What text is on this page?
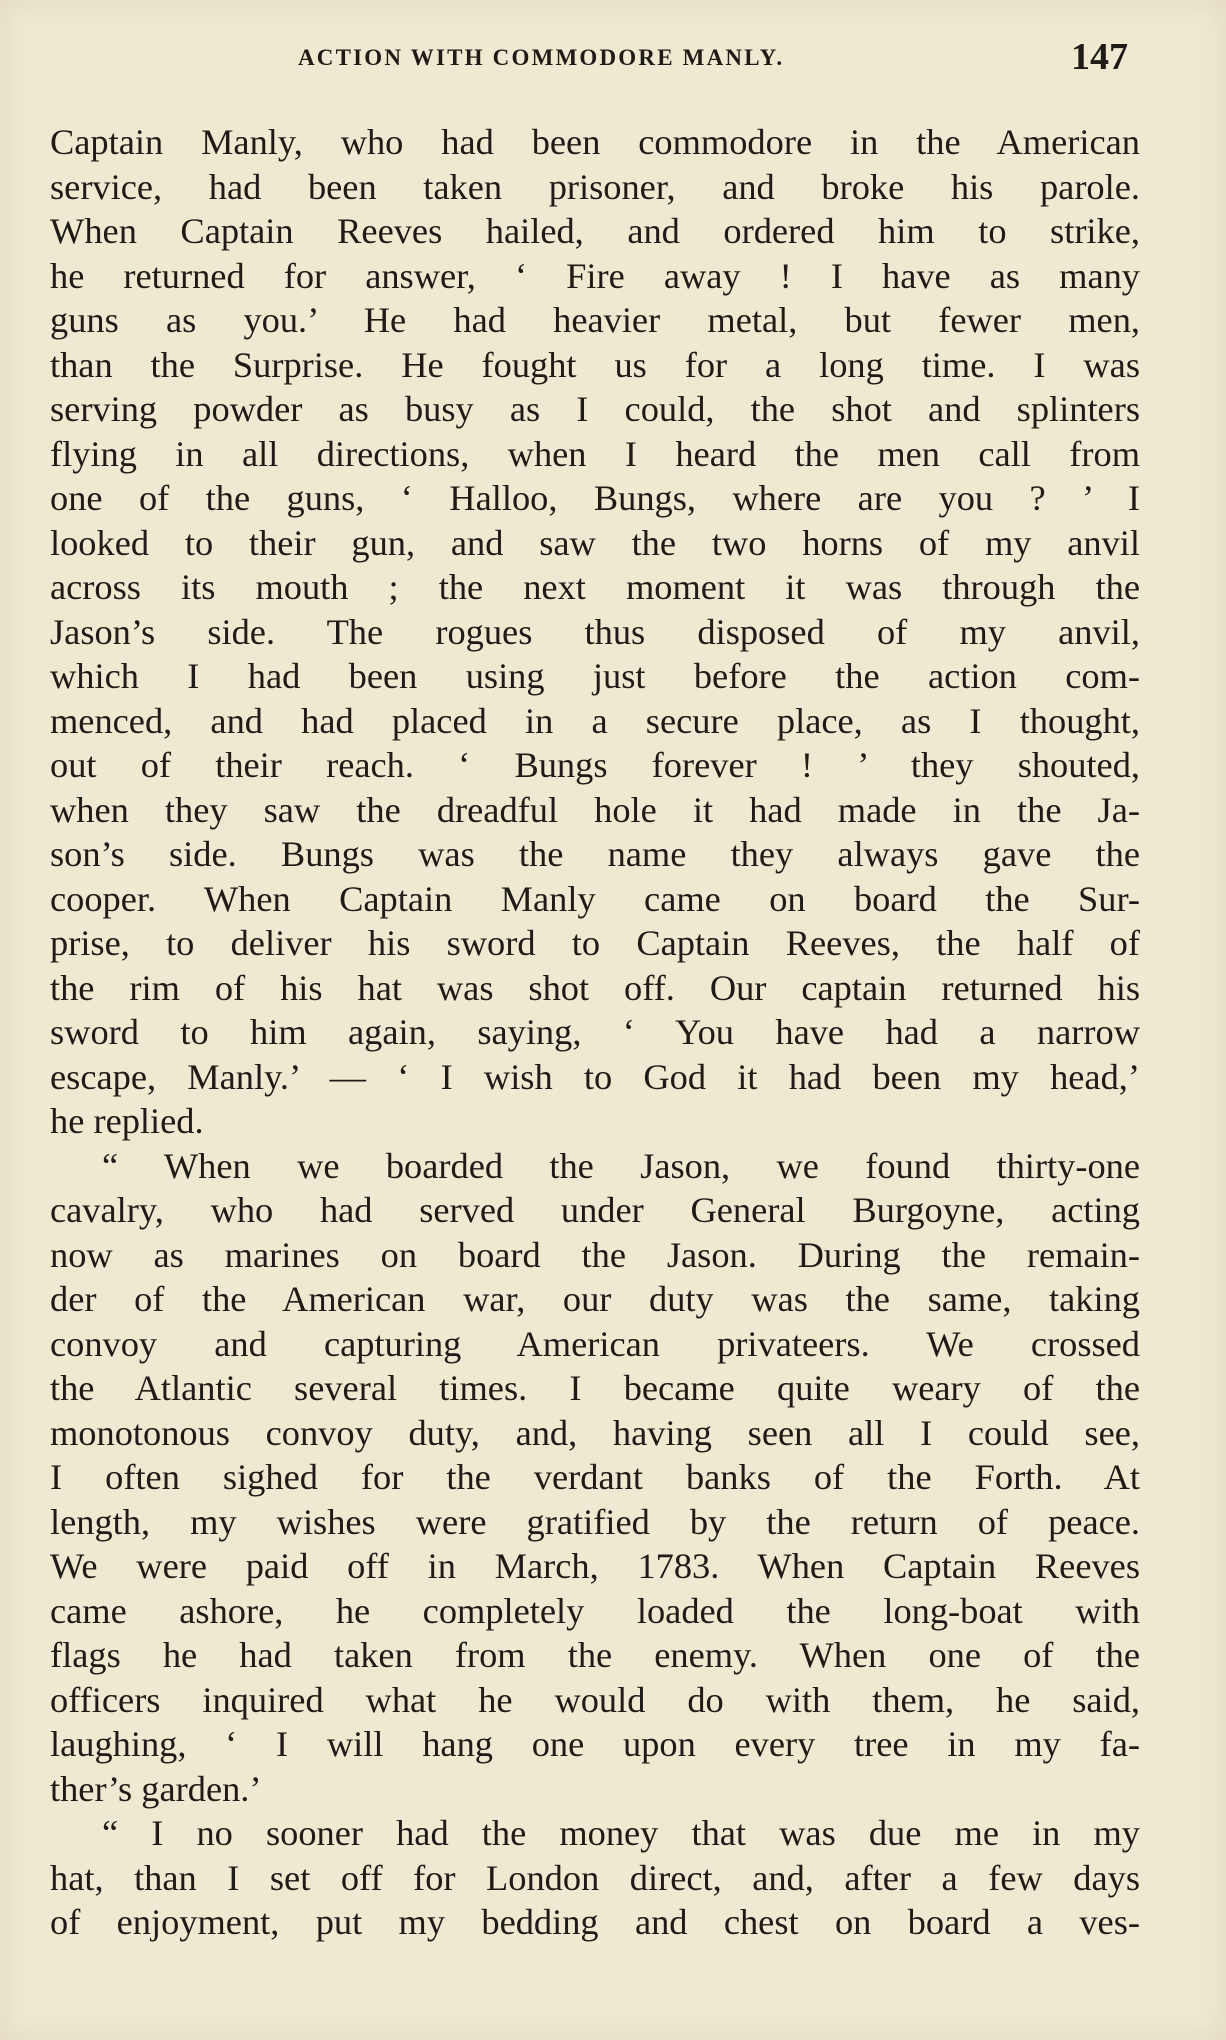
ACTION WITH COMMODORE MANLY.	147
Captain Manly, who had been commodore in the American
service, had been taken prisoner, and broke his parole.
When Captain Reeves hailed, and ordered him to strike,
he returned for answer, ‘ Fire away ! I have as many
guns as you.’ He had heavier metal, but fewer men,
than the Surprise. He fought us for a long time. I was
serving powder as busy as I could, the shot and splinters
flying in all directions, when I heard the men call from
one of the guns, ‘ Halloo, Bungs, where are you ? ’ I
looked to their gun, and saw the two horns of my anvil
across its mouth ; the next moment it was through the
Jason’s side. The rogues thus disposed of my anvil,
which I had been using just before the action com-
menced, and had placed in a secure place, as I thought,
out of their reach. ‘ Bungs forever ! ’ they shouted,
when they saw the dreadful hole it had made in the Ja-
son’s side. Bungs was the name they always gave the
cooper. When Captain Manly came on board the Sur-
prise, to deliver his sword to Captain Reeves, the half of
the rim of his hat was shot off. Our captain returned his
sword to him again, saying, ‘ You have had a narrow
escape, Manly.’ — ‘ I wish to God it had been my head,’
he replied.
“ When we boarded the Jason, we found thirty-one
cavalry, who had served under General Burgoyne, acting
now as marines on board the Jason. During the remain-
der of the American war, our duty was the same, taking
convoy and capturing American privateers. We crossed
the Atlantic several times. I became quite weary of the
monotonous convoy duty, and, having seen all I could see,
I often sighed for the verdant banks of the Forth. At
length, my wishes were gratified by the return of peace.
We were paid off in March, 1783. When Captain Reeves
came ashore, he completely loaded the long-boat with
flags he had taken from the enemy. When one of the
officers inquired what he would do with them, he said,
laughing, ‘ I will hang one upon every tree in my fa-
ther’s garden.’
“ I no sooner had the money that was due me in my
hat, than I set off for London direct, and, after a few days
of enjoyment, put my bedding and chest on board a ves-
